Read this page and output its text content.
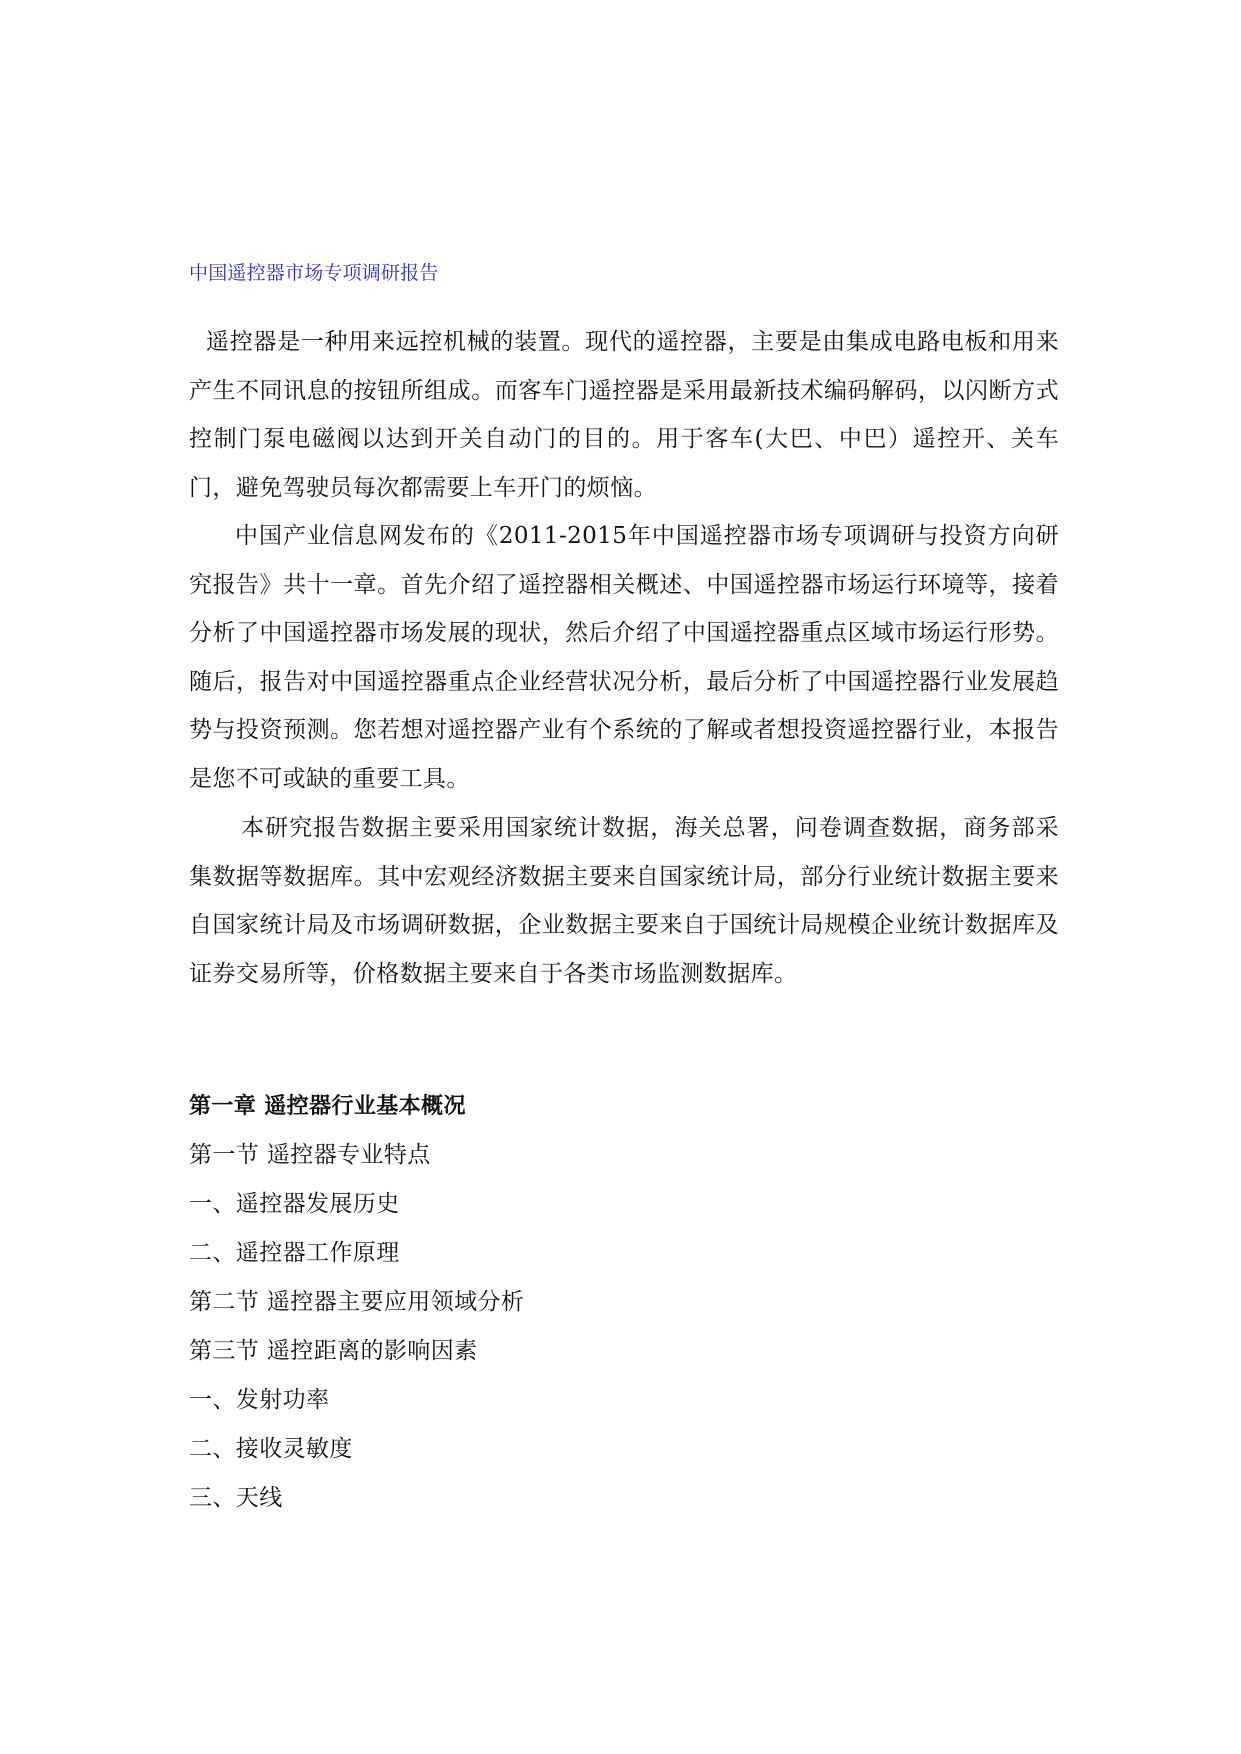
中国遥控器市场专项调研报告
遥控器是一种用来远控机械的装置。现代的遥控器，主要是由集成电路电板和用来产生不同讯息的按钮所组成。而客车门遥控器是采用最新技术编码解码，以闪断方式控制门泵电磁阀以达到开关自动门的目的。用于客车(大巴、中巴）遥控开、关车门，避免驾驶员每次都需要上车开门的烦恼。
中国产业信息网发布的《2011-2015年中国遥控器市场专项调研与投资方向研究报告》共十一章。首先介绍了遥控器相关概述、中国遥控器市场运行环境等，接着分析了中国遥控器市场发展的现状，然后介绍了中国遥控器重点区域市场运行形势。随后，报告对中国遥控器重点企业经营状况分析，最后分析了中国遥控器行业发展趋势与投资预测。您若想对遥控器产业有个系统的了解或者想投资遥控器行业，本报告是您不可或缺的重要工具。
本研究报告数据主要采用国家统计数据，海关总署，问卷调查数据，商务部采集数据等数据库。其中宏观经济数据主要来自国家统计局，部分行业统计数据主要来自国家统计局及市场调研数据，企业数据主要来自于国统计局规模企业统计数据库及证券交易所等，价格数据主要来自于各类市场监测数据库。
第一章 遥控器行业基本概况
第一节 遥控器专业特点
一、遥控器发展历史
二、遥控器工作原理
第二节 遥控器主要应用领域分析
第三节 遥控距离的影响因素
一、发射功率
二、接收灵敏度
三、天线
